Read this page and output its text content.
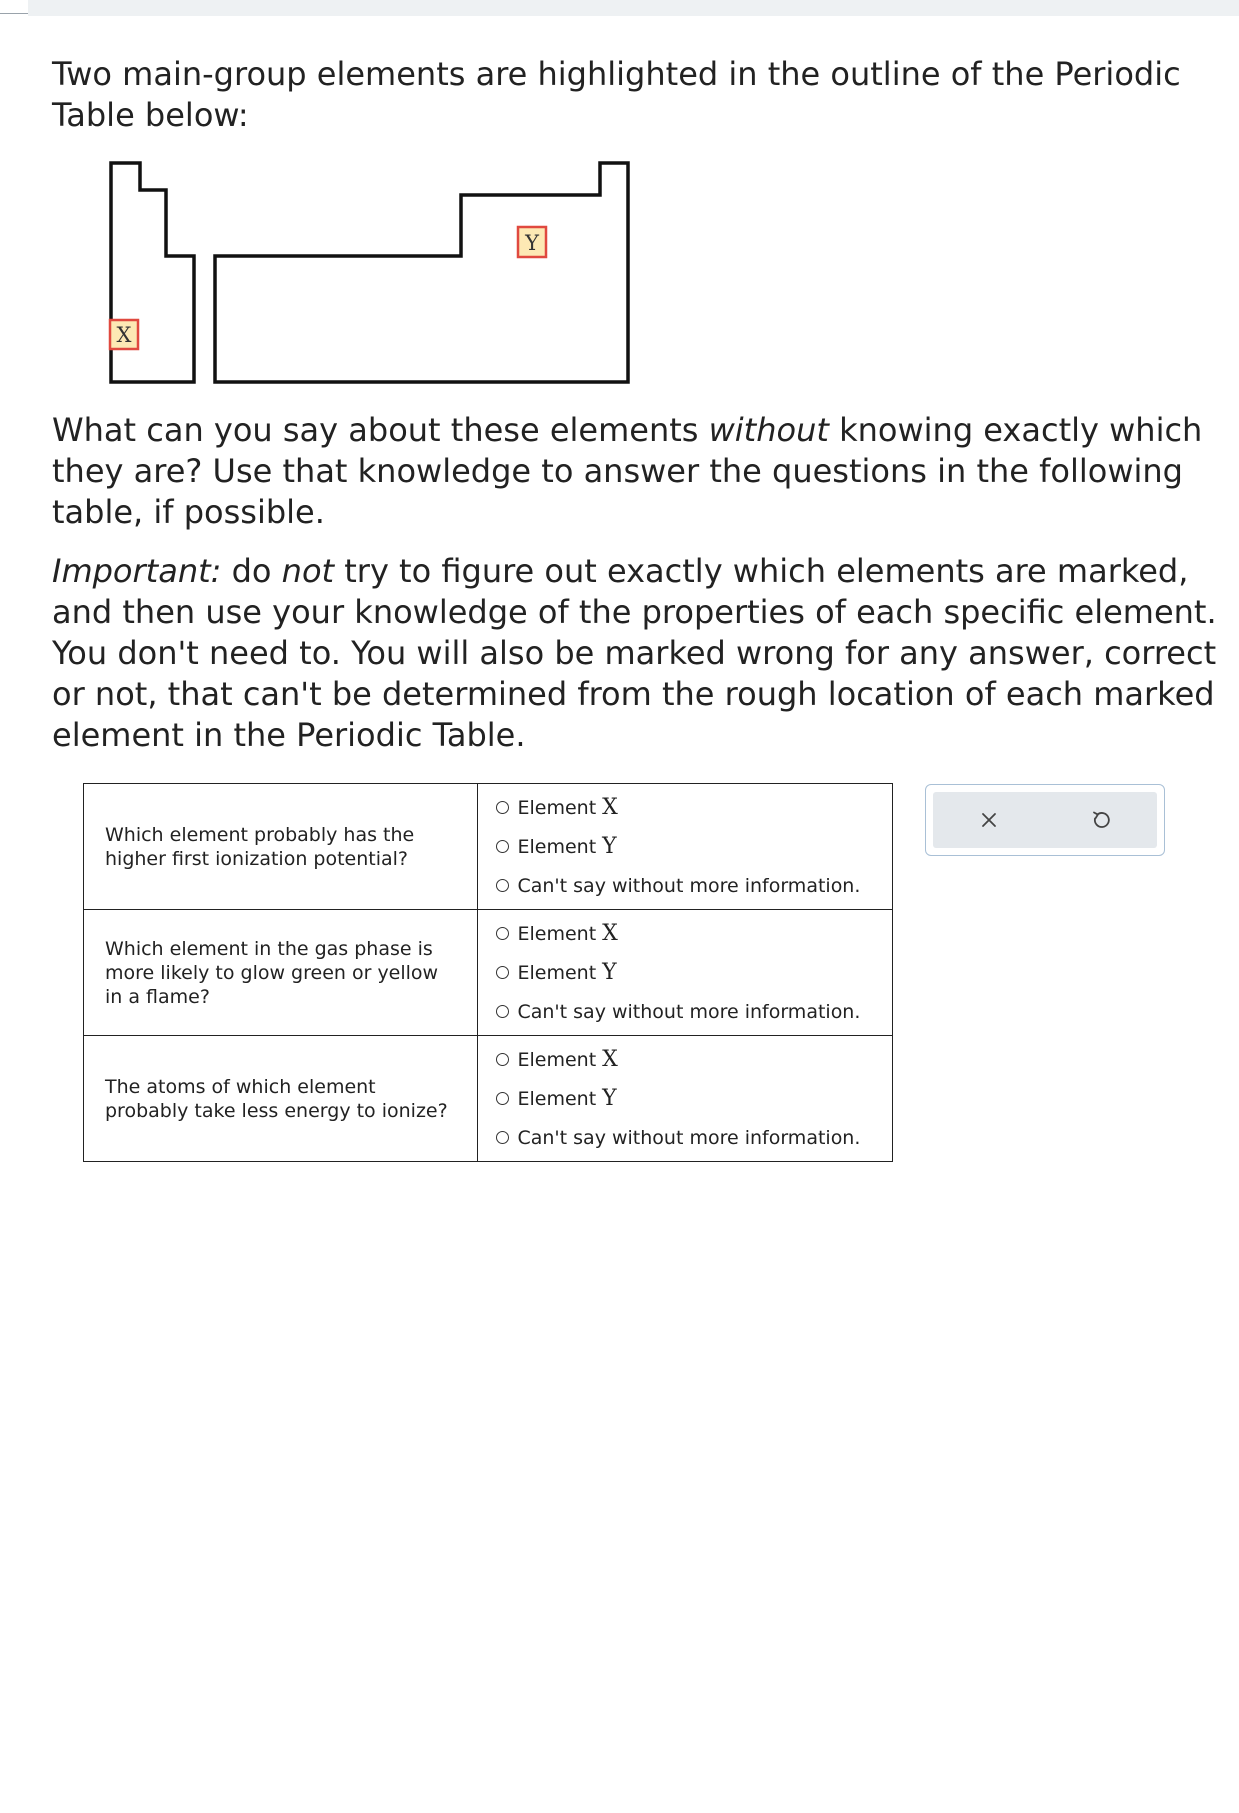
Two main-group elements are highlighted in the outline of the Periodic Table below:
X
Y
What can you say about these elements without knowing exactly which they are? Use that knowledge to answer the questions in the following table, if possible.
Important: do not try to figure out exactly which elements are marked, and then use your knowledge of the properties of each specific element. You don't need to. You will also be marked wrong for any answer, correct or not, that can't be determined from the rough location of each marked element in the Periodic Table.
Which element probably has the higher first ionization potential?	Element X
Element Y
Can't say without more information.

Which element in the gas phase is more likely to glow green or yellow in a flame?	Element X
Element Y
Can't say without more information.

The atoms of which element probably take less energy to ionize?	Element X
Element Y
Can't say without more information.
